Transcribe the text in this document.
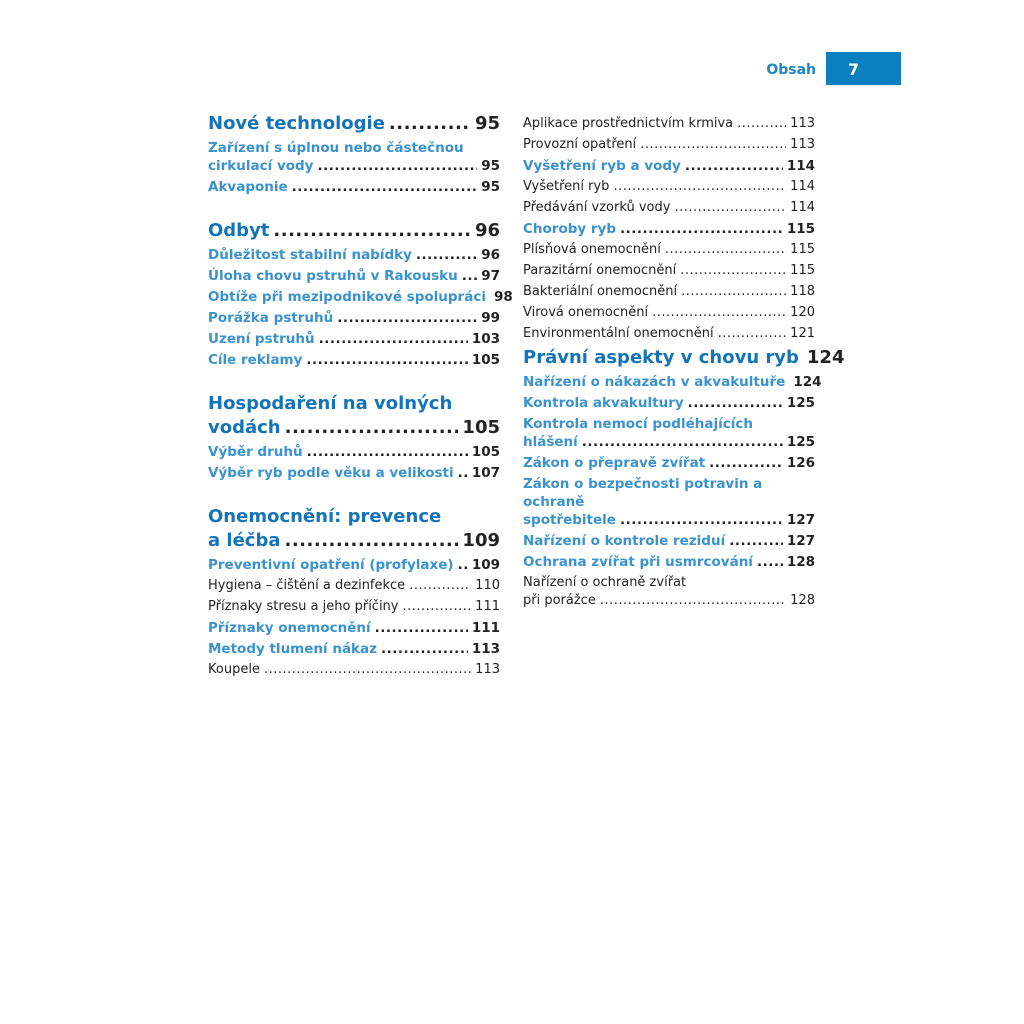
Obsah	7
Nové technologie .....	95
Zařízení s úplnou nebo částečnou
cirkulací vody .....	95
Akvaponie .....	95
Odbyt .....	96
Důležitost stabilní nabídky .....	96
Úloha chovu pstruhů v Rakousku ..... 97
Obtíže při mezipodnikové spolupráci 98
Porážka pstruhů .....	99
Uzení pstruhů .....	103
Cíle reklamy .....	105
Hospodaření na volných
vodách .....	105
Výběr druhů .....	105
Výběr ryb podle věku a velikosti ..... 107
Onemocnění: prevence
a léčba .....	109
Preventivní opatření (profylaxe) ..... 109
Hygiena – čištění a dezinfekce .....	110
Příznaky stresu a jeho příčiny .....	111
Příznaky onemocnění .....	111
Metody tlumení nákaz .....	113
Koupele .....	113
Aplikace prostřednictvím krmiva .....	113
Provozní opatření .....	113
Vyšetření ryb a vody .....	114
Vyšetření ryb .....	114
Předávání vzorků vody .....	114
Choroby ryb .....	115
Plísňová onemocnění .....	115
Parazitární onemocnění .....	115
Bakteriální onemocnění .....	118
Virová onemocnění .....	120
Environmentální onemocnění .....	121
Právní aspekty v chovu ryb 124
Nařízení o nákazách v akvakultuře 124
Kontrola akvakultury .....	125
Kontrola nemocí podléhajících
hlášení .....	125
Zákon o přepravě zvířat .....	126
Zákon o bezpečnosti potravin a ochraně
spotřebitele .....	127
Nařízení o kontrole reziduí .....	127
Ochrana zvířat při usmrcování .....	128
Nařízení o ochraně zvířat
při porážce .....	128
